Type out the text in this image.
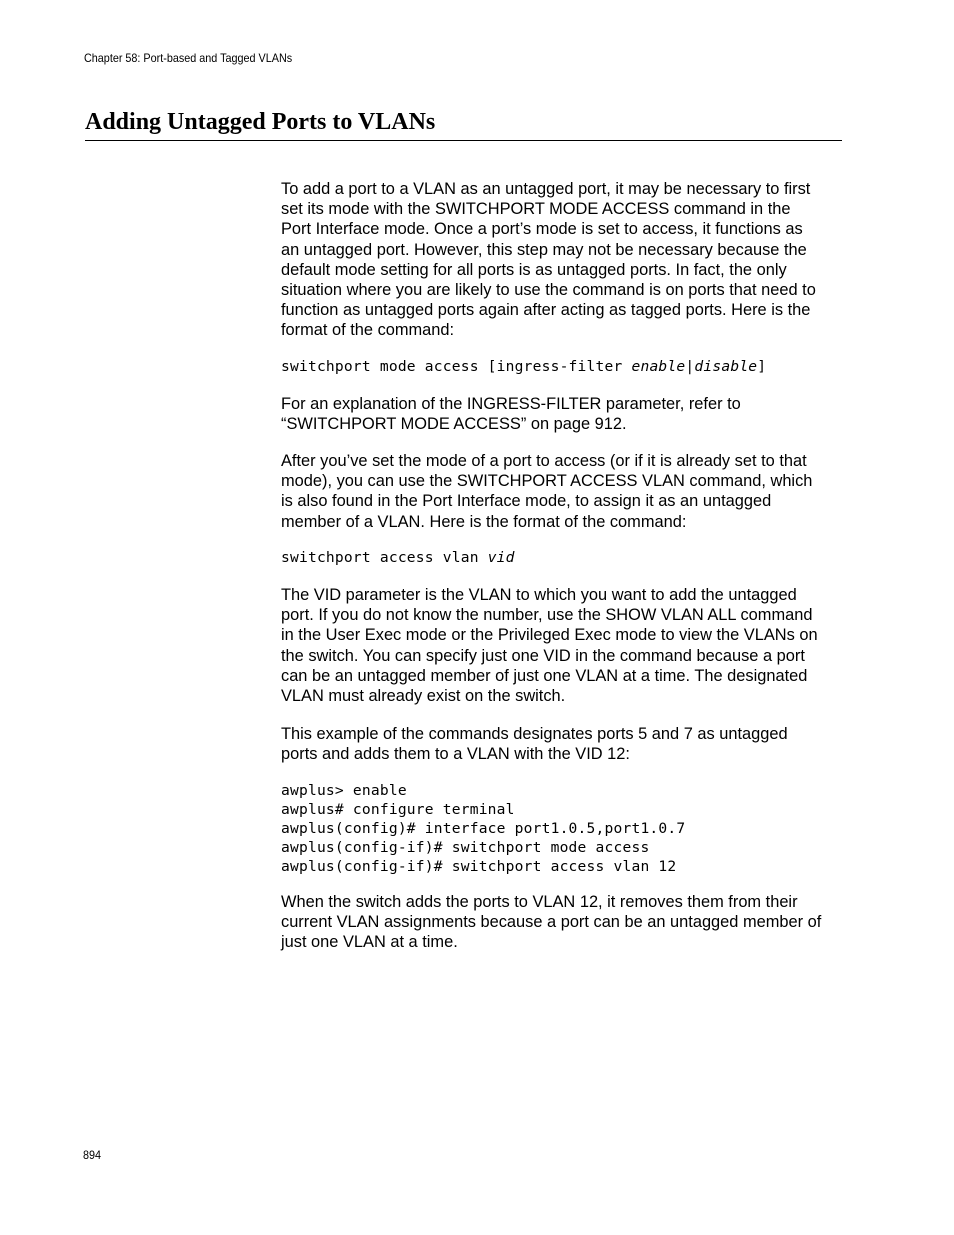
Chapter 58: Port-based and Tagged VLANs
Adding Untagged Ports to VLANs

To add a port to a VLAN as an untagged port, it may be necessary to first
set its mode with the SWITCHPORT MODE ACCESS command in the
Port Interface mode. Once a port’s mode is set to access, it functions as
an untagged port. However, this step may not be necessary because the
default mode setting for all ports is as untagged ports. In fact, the only
situation where you are likely to use the command is on ports that need to
function as untagged ports again after acting as tagged ports. Here is the
format of the command:

switchport mode access [ingress-filter enable|disable]

For an explanation of the INGRESS-FILTER parameter, refer to
“SWITCHPORT MODE ACCESS” on page 912.

After you’ve set the mode of a port to access (or if it is already set to that
mode), you can use the SWITCHPORT ACCESS VLAN command, which
is also found in the Port Interface mode, to assign it as an untagged
member of a VLAN. Here is the format of the command:

switchport access vlan vid

The VID parameter is the VLAN to which you want to add the untagged
port. If you do not know the number, use the SHOW VLAN ALL command
in the User Exec mode or the Privileged Exec mode to view the VLANs on
the switch. You can specify just one VID in the command because a port
can be an untagged member of just one VLAN at a time. The designated
VLAN must already exist on the switch.

This example of the commands designates ports 5 and 7 as untagged
ports and adds them to a VLAN with the VID 12:

awplus> enable
awplus# configure terminal
awplus(config)# interface port1.0.5,port1.0.7
awplus(config-if)# switchport mode access
awplus(config-if)# switchport access vlan 12

When the switch adds the ports to VLAN 12, it removes them from their
current VLAN assignments because a port can be an untagged member of
just one VLAN at a time.

894
